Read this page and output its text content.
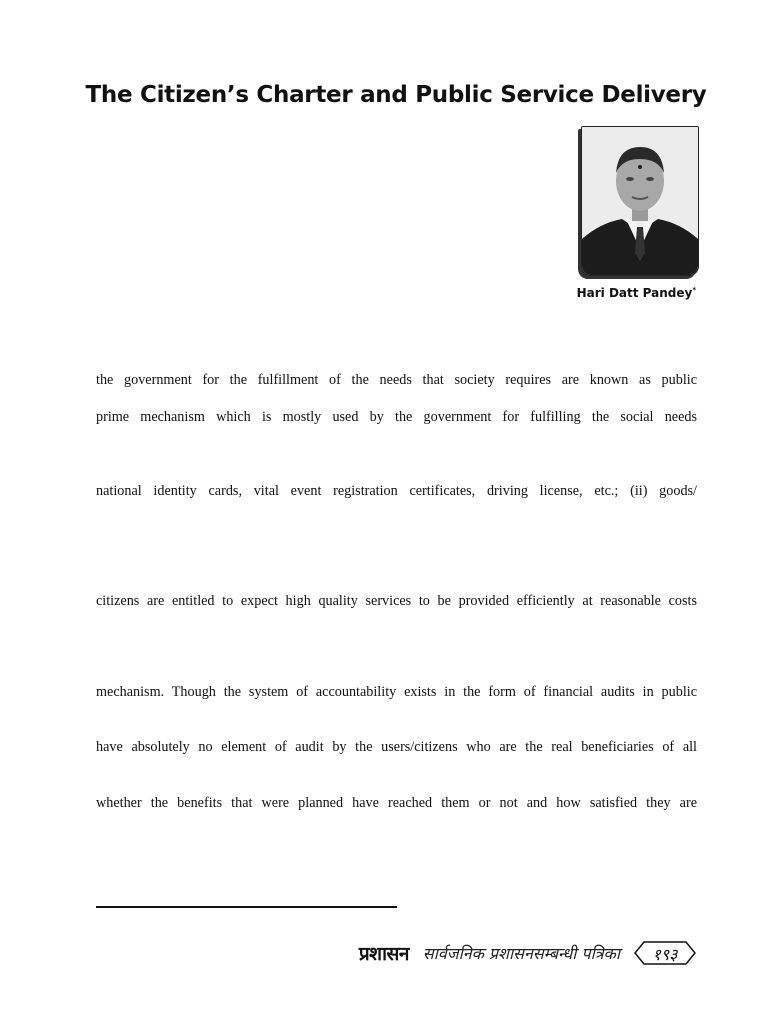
The Citizen’s Charter and Public Service Delivery
Hari Datt Pandey*
the government for the fulfillment of the needs that society requires are known as public
prime mechanism which is mostly used by the government for fulfilling the social needs
national identity cards, vital event registration certificates, driving license, etc.; (ii) goods/
citizens are entitled to expect high quality services to be provided efficiently at reasonable costs
mechanism. Though the system of accountability exists in the form of financial audits in public
have absolutely no element of audit by the users/citizens who are the real beneficiaries of all
whether the benefits that were planned have reached them or not and how satisfied they are
प्रशासन सार्वजनिक प्रशासनसम्बन्धी पत्रिका	१९३
